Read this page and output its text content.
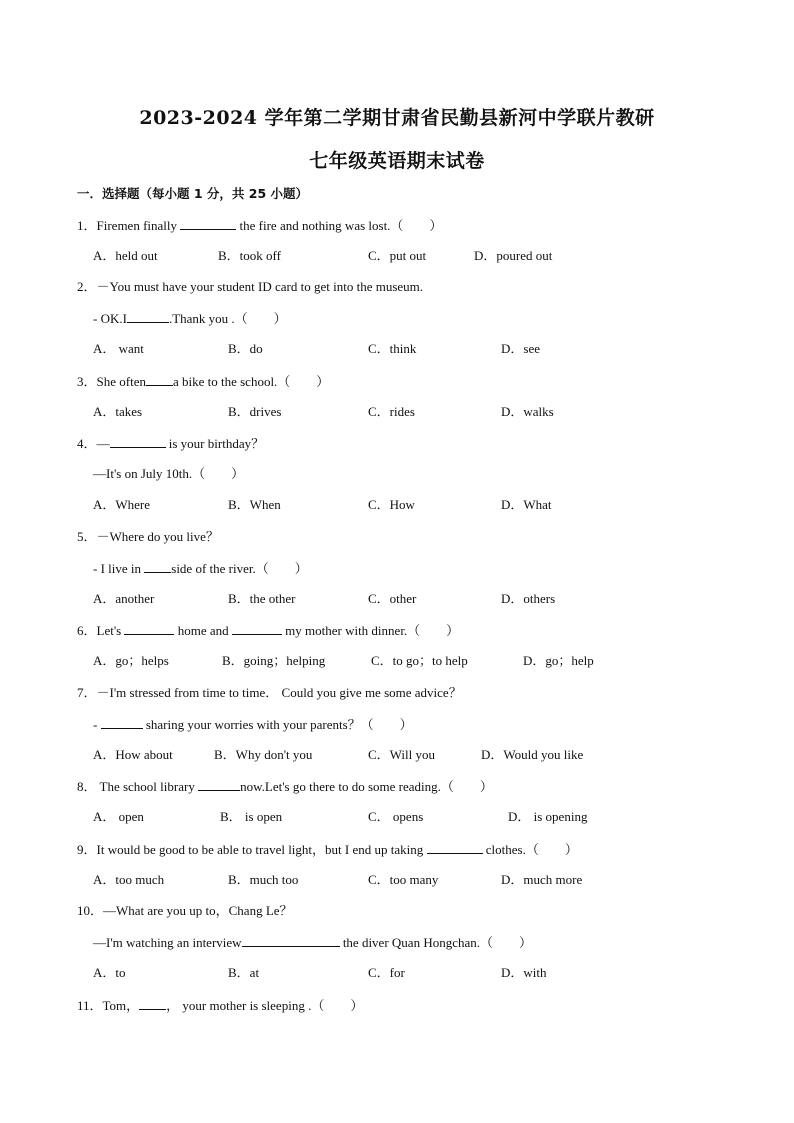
2023-2024 学年第二学期甘肃省民勤县新河中学联片教研
七年级英语期末试卷
一．选择题（每小题 1 分，共 25 小题）
1．Firemen finally	the fire and nothing was lost.（　　）
A．held out	B．took off	C．put out	D．poured out
2．－You must have your student ID card to get into the museum.
- OK.I	.Thank you .（　　）
A． want	B．do	C．think	D．see
3．She often a bike to the school.（　　）
A．takes	B．drives	C．rides	D．walks
4．—	is your birthday？
—It's on July 10th.（　　）
A．Where	B．When	C．How	D．What
5．－Where do you live？
- I live in side of the river.（　　）
A．another	B．the other	C．other	D．others
6．Let's	home and	my mother with dinner.（　　）
A．go；helps	B．going；helping	C．to go；to help	D．go；help
7．－I'm stressed from time to time． Could you give me some advice？
-	sharing your worries with your parents？（　　）
A．How about	B．Why don't you	C．Will you	D．Would you like
8． The school library	now.Let's go there to do some reading.（　　）
A． open	B． is open	C． opens	D． is opening
9．It would be good to be able to travel light，but I end up taking	clothes.（　　）
A．too much	B．much too	C．too many	D．much more
10．—What are you up to，Chang Le？
—I'm watching an interview	the diver Quan Hongchan.（　　）
A．to	B．at	C．for	D．with
11．Tom， ， your mother is sleeping .（　　）
